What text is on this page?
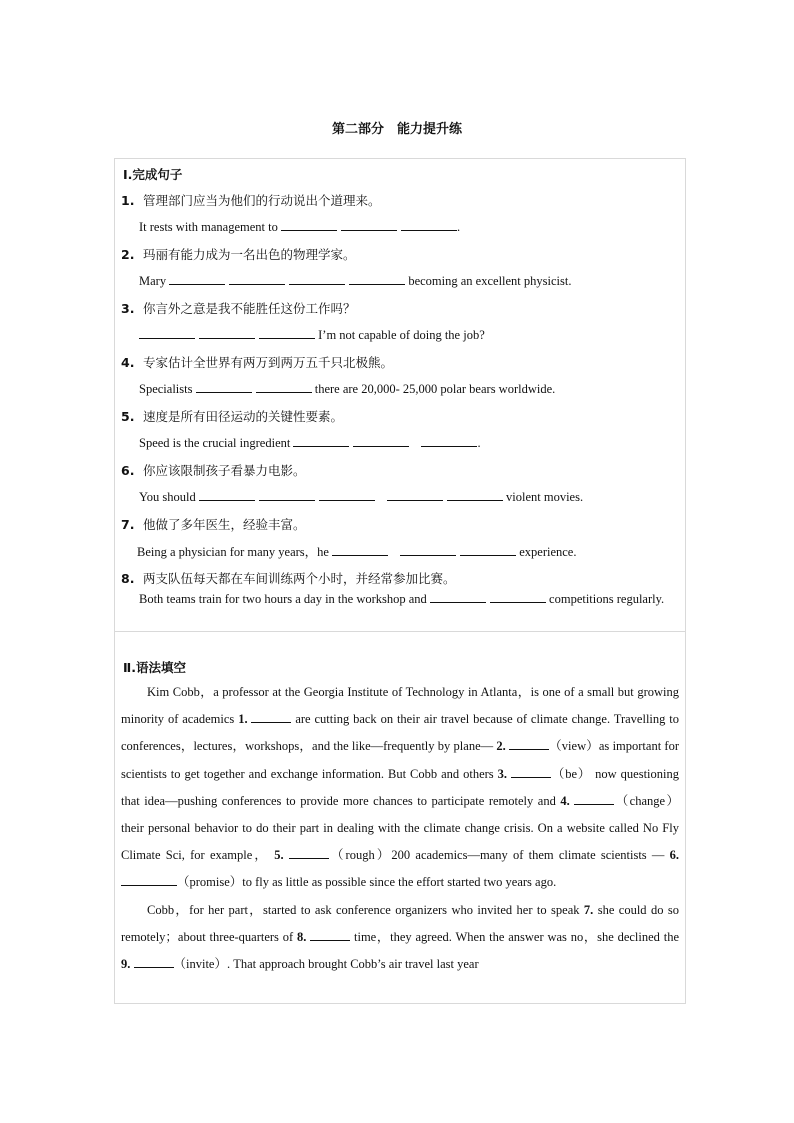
第二部分　能力提升练
Ⅰ.完成句子
1. 管理部门应当为他们的行动说出个道理来。
It rests with management to	.
2. 玛丽有能力成为一名出色的物理学家。
Mary	becoming an excellent physicist.
3. 你言外之意是我不能胜任这份工作吗？
I’m not capable of doing the job?
4. 专家估计全世界有两万到两万五千只北极熊。
Specialists	there are 20,000- 25,000 polar bears worldwide.
5. 速度是所有田径运动的关键性要素。
Speed is the crucial ingredient	.
6. 你应该限制孩子看暴力电影。
You should	violent movies.
7. 他做了多年医生，经验丰富。
Being a physician for many years，he	experience.
8. 两支队伍每天都在车间训练两个小时，并经常参加比赛。
Both teams train for two hours a day in the workshop and	competitions regularly.
Ⅱ.语法填空

Kim Cobb，a professor at the Georgia Institute of Technology in Atlanta，is one of a small but growing minority of academics 1.	are cutting back on their air travel because of climate change. Travelling to conferences，lectures，workshops，and the like—frequently by plane— 2.	（view）as important for scientists to get together and exchange information. But Cobb and others 3.	（be） now questioning that idea—pushing conferences to provide more chances to participate remotely and 4.	（change）their personal behavior to do their part in dealing with the climate change crisis. On a website called No Fly Climate Sci, for example， 5.	（rough）200 academics—many of them climate scientists — 6. （promise）to fly as little as possible since the effort started two years ago.

Cobb，for her part，started to ask conference organizers who invited her to speak 7. she could do so remotely；about three-quarters of 8.	time，they agreed. When the answer was no，she declined the 9.	（invite）. That approach brought Cobb’s air travel last year
